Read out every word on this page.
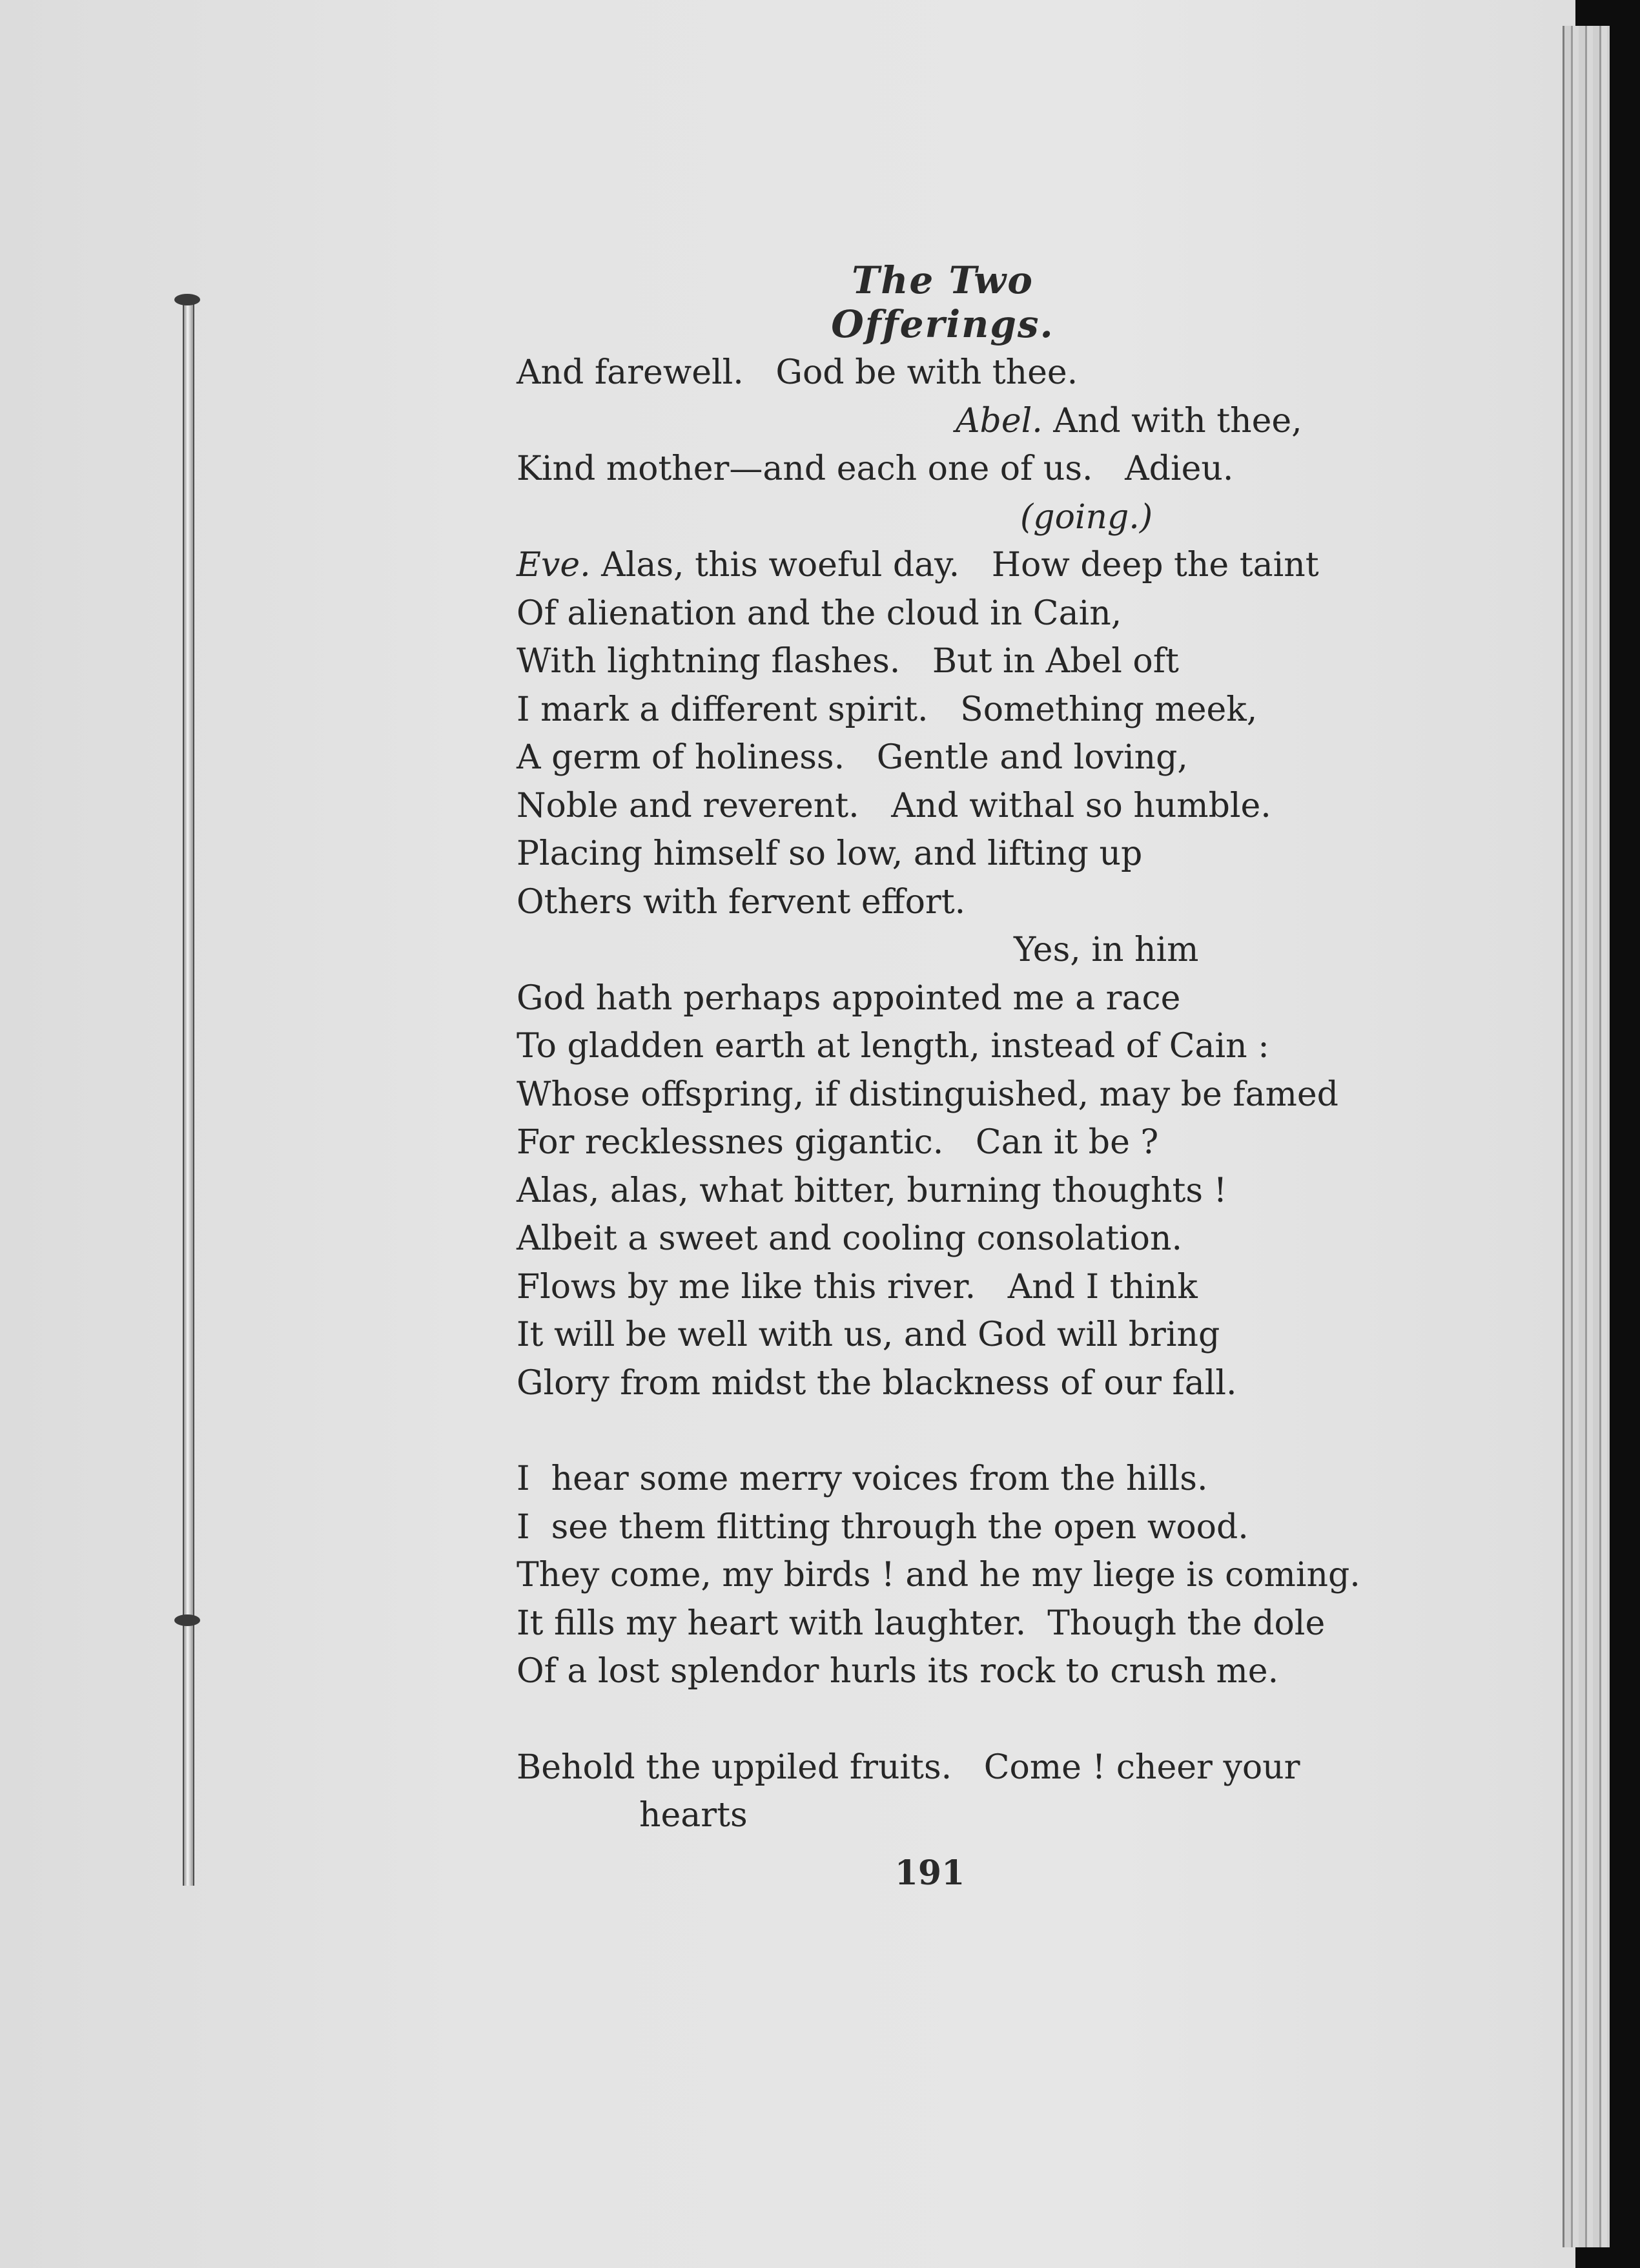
The Two Offerings.
And farewell.   God be with thee.
Abel. And with thee,
Kind mother—and each one of us.   Adieu.
(going.)
Eve. Alas, this woeful day.   How deep the taint
Of alienation and the cloud in Cain,
With lightning flashes.   But in Abel oft
I mark a different spirit.   Something meek,
A germ of holiness.   Gentle and loving,
Noble and reverent.   And withal so humble.
Placing himself so low, and lifting up
Others with fervent effort.
Yes, in him
God hath perhaps appointed me a race
To gladden earth at length, instead of Cain :
Whose offspring, if distinguished, may be famed
For recklessnes gigantic.   Can it be ?
Alas, alas, what bitter, burning thoughts !
Albeit a sweet and cooling consolation.
Flows by me like this river.   And I think
It will be well with us, and God will bring
Glory from midst the blackness of our fall.
I  hear some merry voices from the hills.
I  see them flitting through the open wood.
They come, my birds ! and he my liege is coming.
It fills my heart with laughter.  Though the dole
Of a lost splendor hurls its rock to crush me.
Behold the uppiled fruits.   Come ! cheer your
hearts
191
